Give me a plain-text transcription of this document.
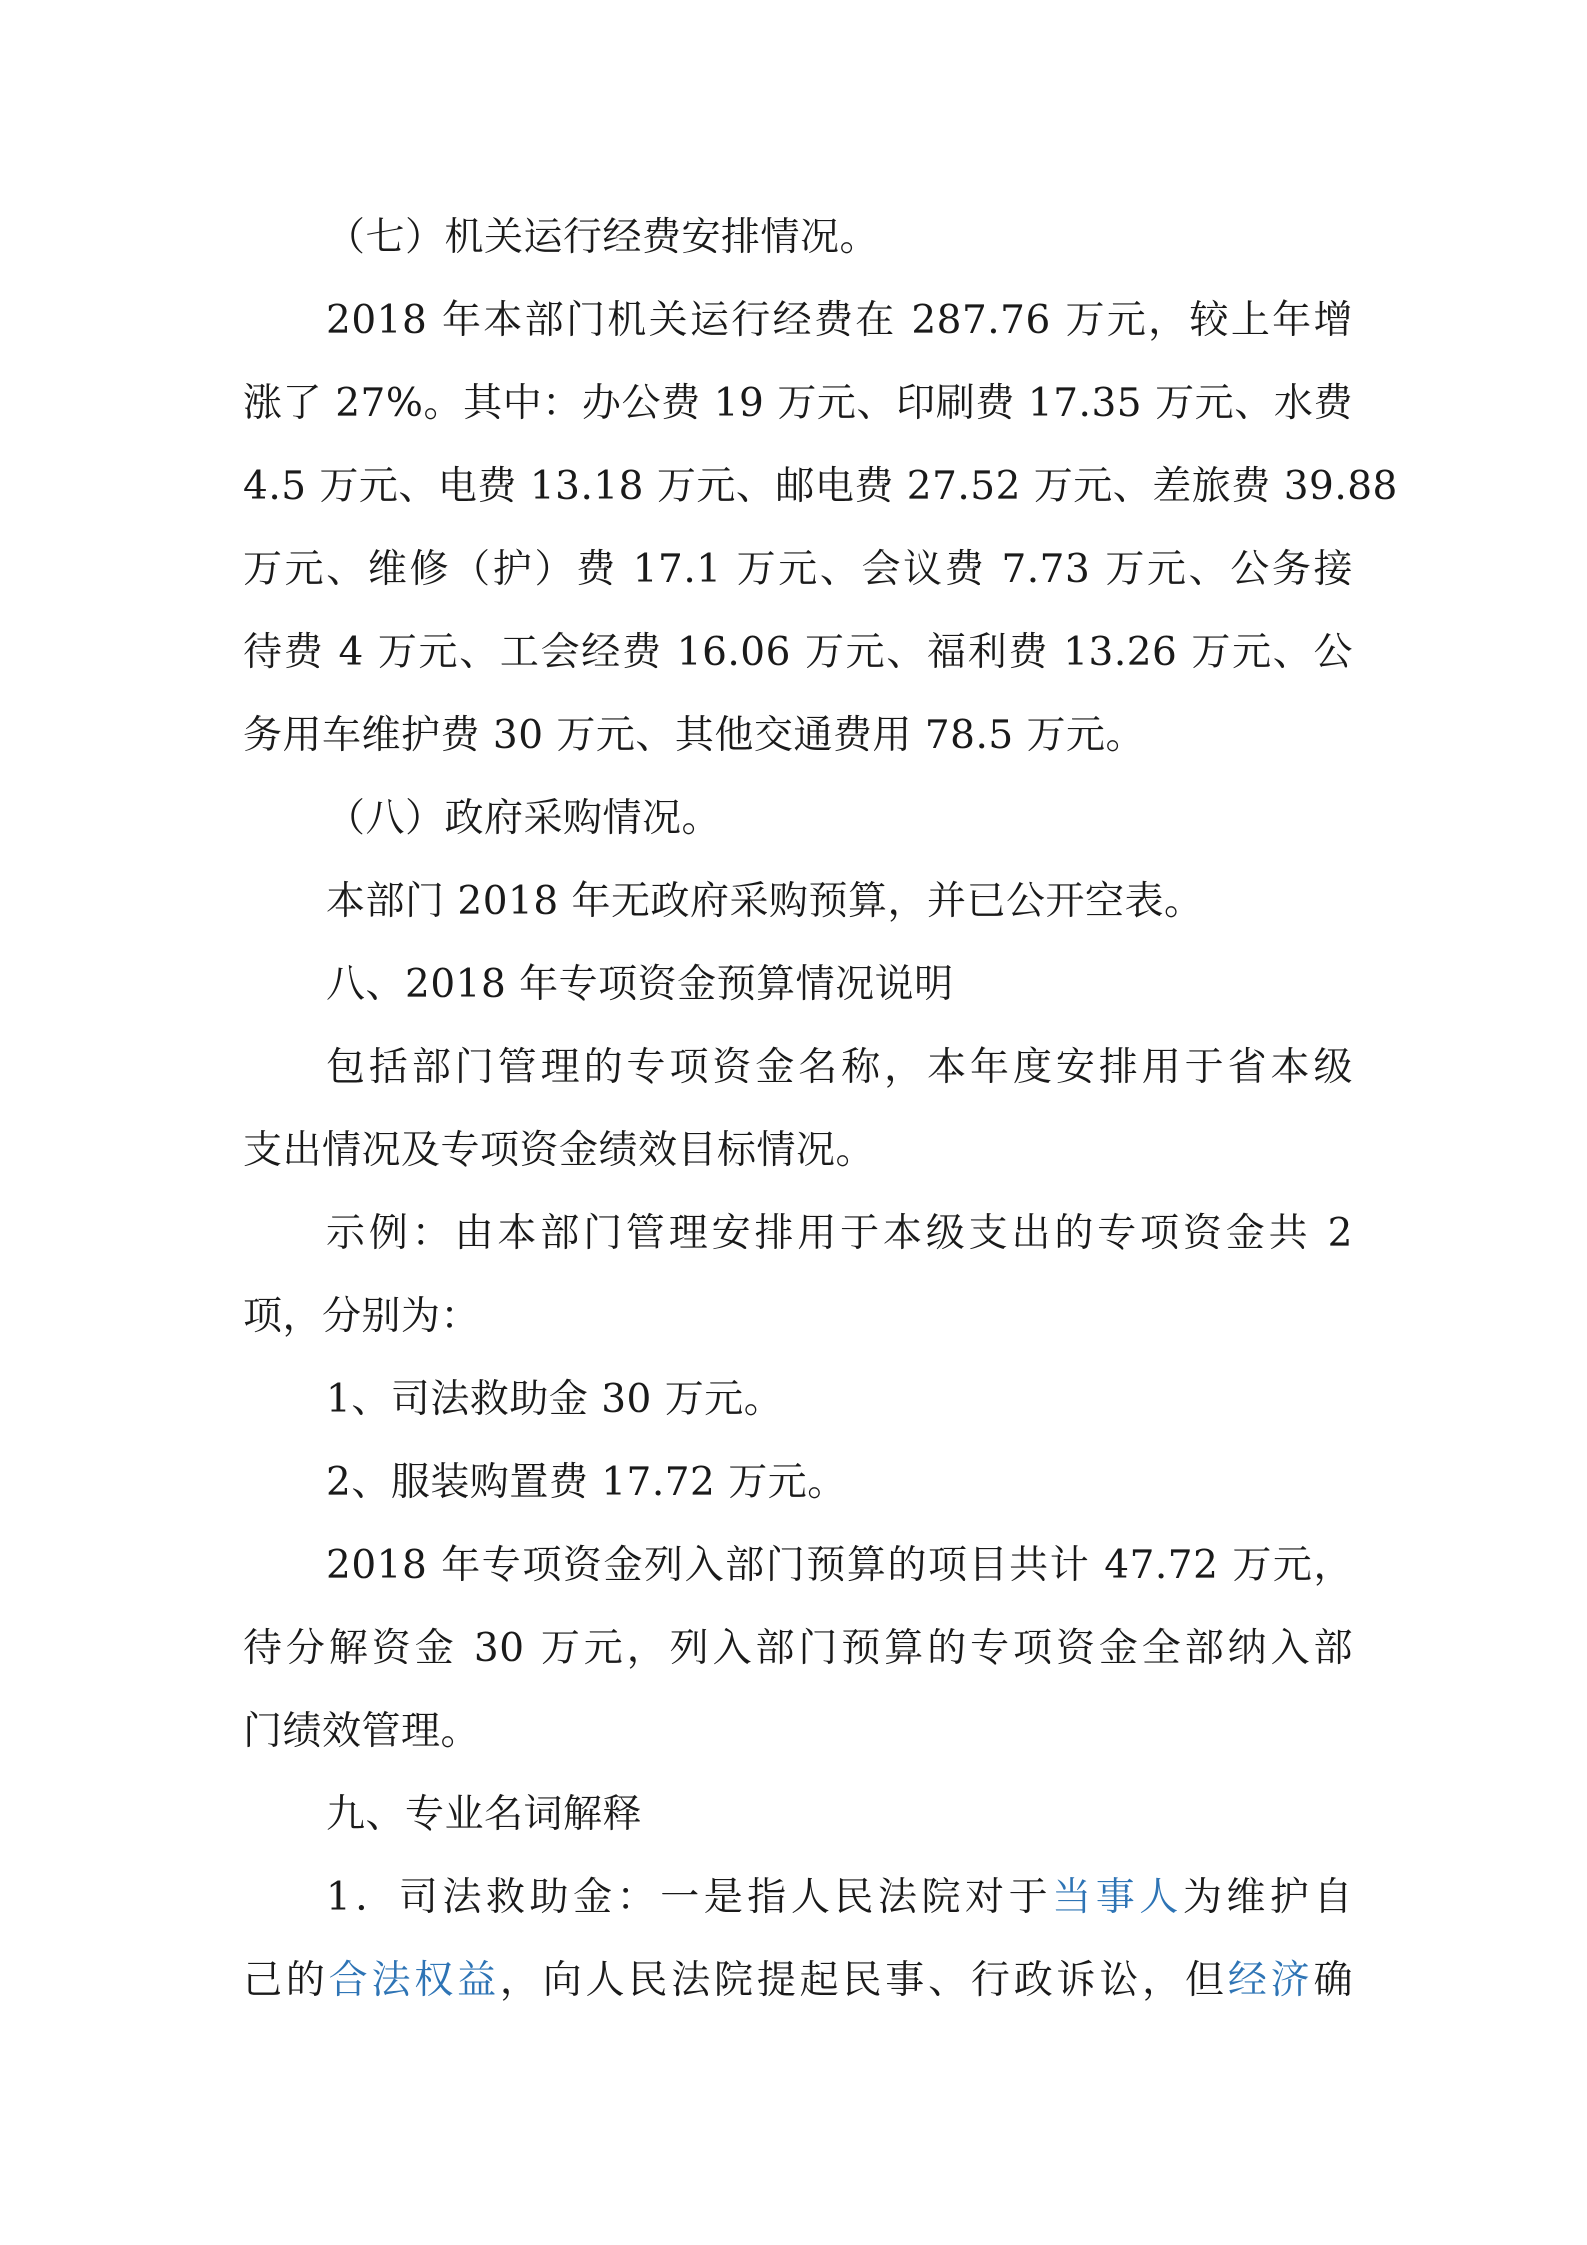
（七）机关运行经费安排情况。
2018 年本部门机关运行经费在 287.76 万元，较上年增
涨了 27%。其中：办公费 19 万元、印刷费 17.35 万元、水费
4.5 万元、电费 13.18 万元、邮电费 27.52 万元、差旅费 39.88
万元、维修（护）费 17.1 万元、会议费 7.73 万元、公务接
待费 4 万元、工会经费 16.06 万元、福利费 13.26 万元、公
务用车维护费 30 万元、其他交通费用 78.5 万元。
（八）政府采购情况。
本部门 2018 年无政府采购预算，并已公开空表。
八、2018 年专项资金预算情况说明
包括部门管理的专项资金名称，本年度安排用于省本级
支出情况及专项资金绩效目标情况。
示例：由本部门管理安排用于本级支出的专项资金共 2
项，分别为：
1、司法救助金 30 万元。
2、服装购置费 17.72 万元。
2018 年专项资金列入部门预算的项目共计 47.72 万元，
待分解资金 30 万元，列入部门预算的专项资金全部纳入部
门绩效管理。
九、专业名词解释
1．司法救助金：一是指人民法院对于当事人为维护自
己的合法权益，向人民法院提起民事、行政诉讼，但经济确
